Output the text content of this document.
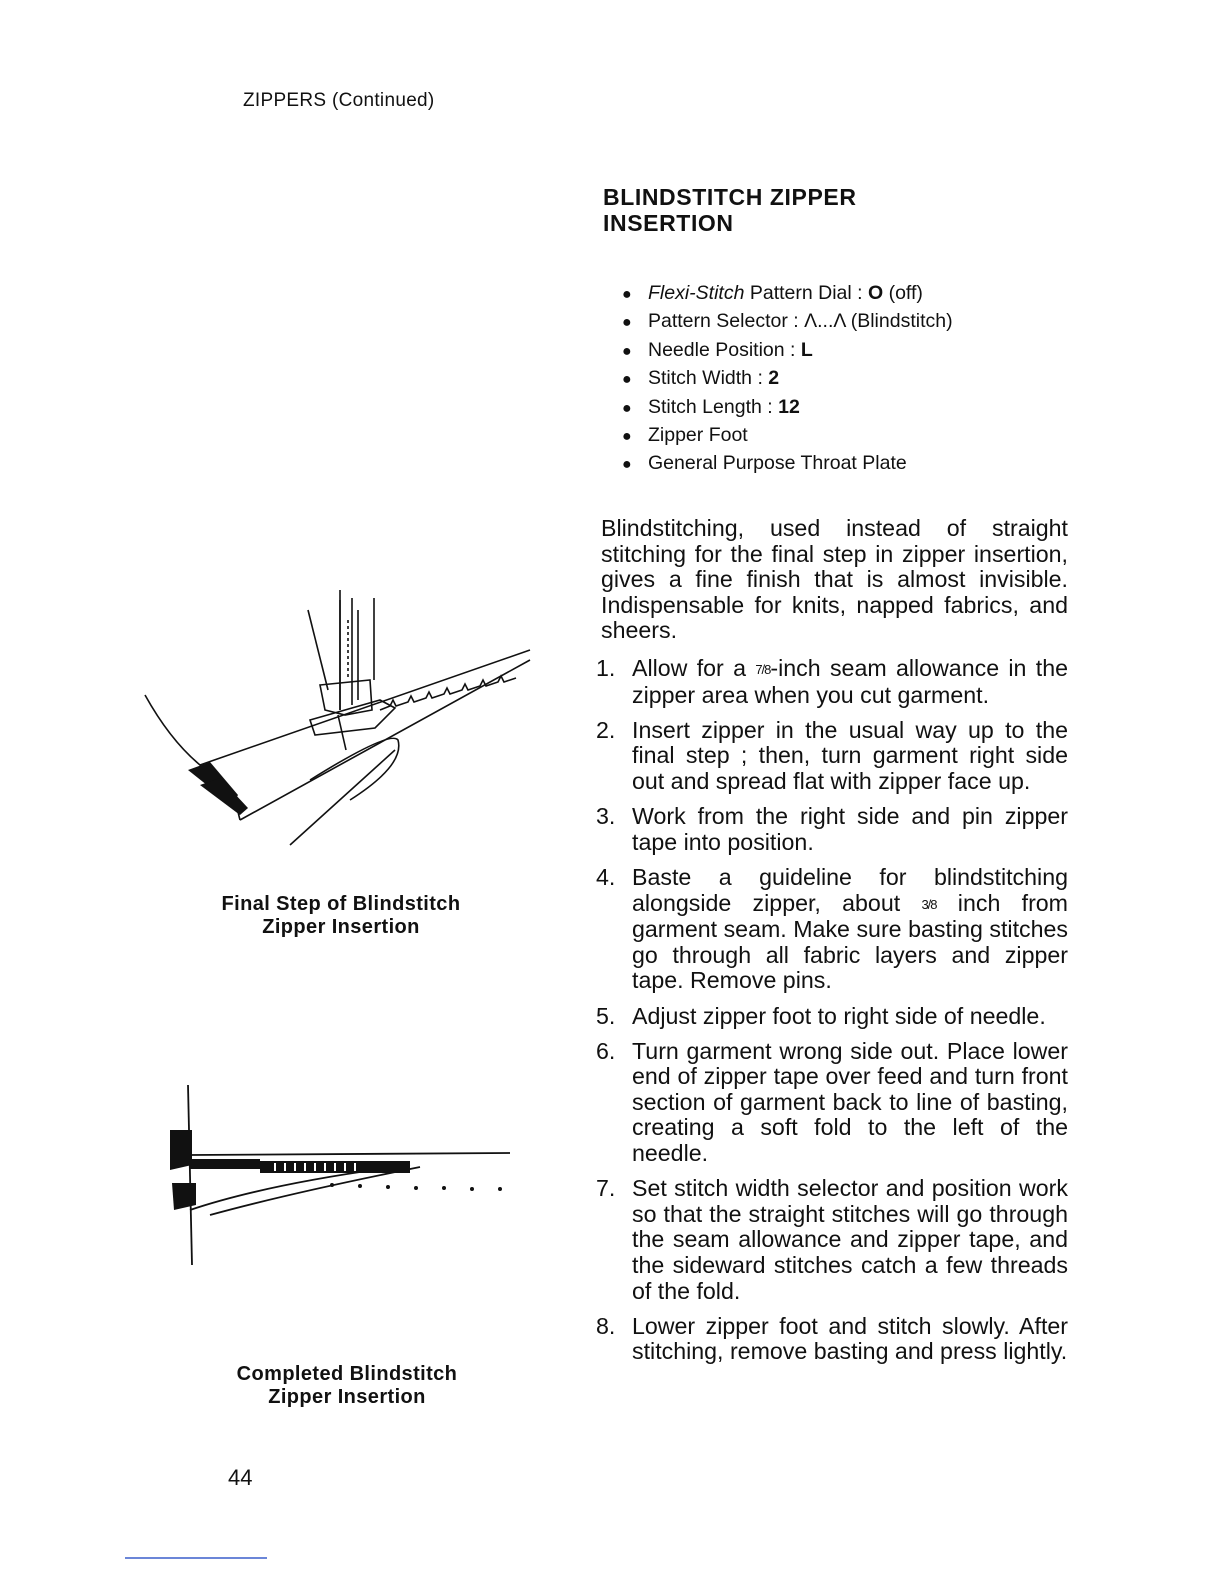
ZIPPERS (Continued)
BLINDSTITCH ZIPPER
INSERTION
● Flexi-Stitch Pattern Dial : O (off)
● Pattern Selector : Λ...Λ (Blindstitch)
● Needle Position : L
● Stitch Width : 2
● Stitch Length : 12
● Zipper Foot
● General Purpose Throat Plate

Blindstitching, used instead of straight stitching for the final step in zipper insertion, gives a fine finish that is almost invisible. Indispensable for knits, napped fabrics, and sheers.

1. Allow for a 7/8-inch seam allowance in the zipper area when you cut garment.
2. Insert zipper in the usual way up to the final step ; then, turn garment right side out and spread flat with zipper face up.
3. Work from the right side and pin zipper tape into position.
4. Baste a guideline for blindstitching alongside zipper, about 3/8 inch from garment seam. Make sure basting stitches go through all fabric layers and zipper tape. Remove pins.
5. Adjust zipper foot to right side of needle.
6. Turn garment wrong side out. Place lower end of zipper tape over feed and turn front section of garment back to line of basting, creating a soft fold to the left of the needle.
7. Set stitch width selector and position work so that the straight stitches will go through the seam allowance and zipper tape, and the sideward stitches catch a few threads of the fold.
8. Lower zipper foot and stitch slowly. After stitching, remove basting and press lightly.
Final Step of Blindstitch
Zipper Insertion
Completed Blindstitch
Zipper Insertion
44
